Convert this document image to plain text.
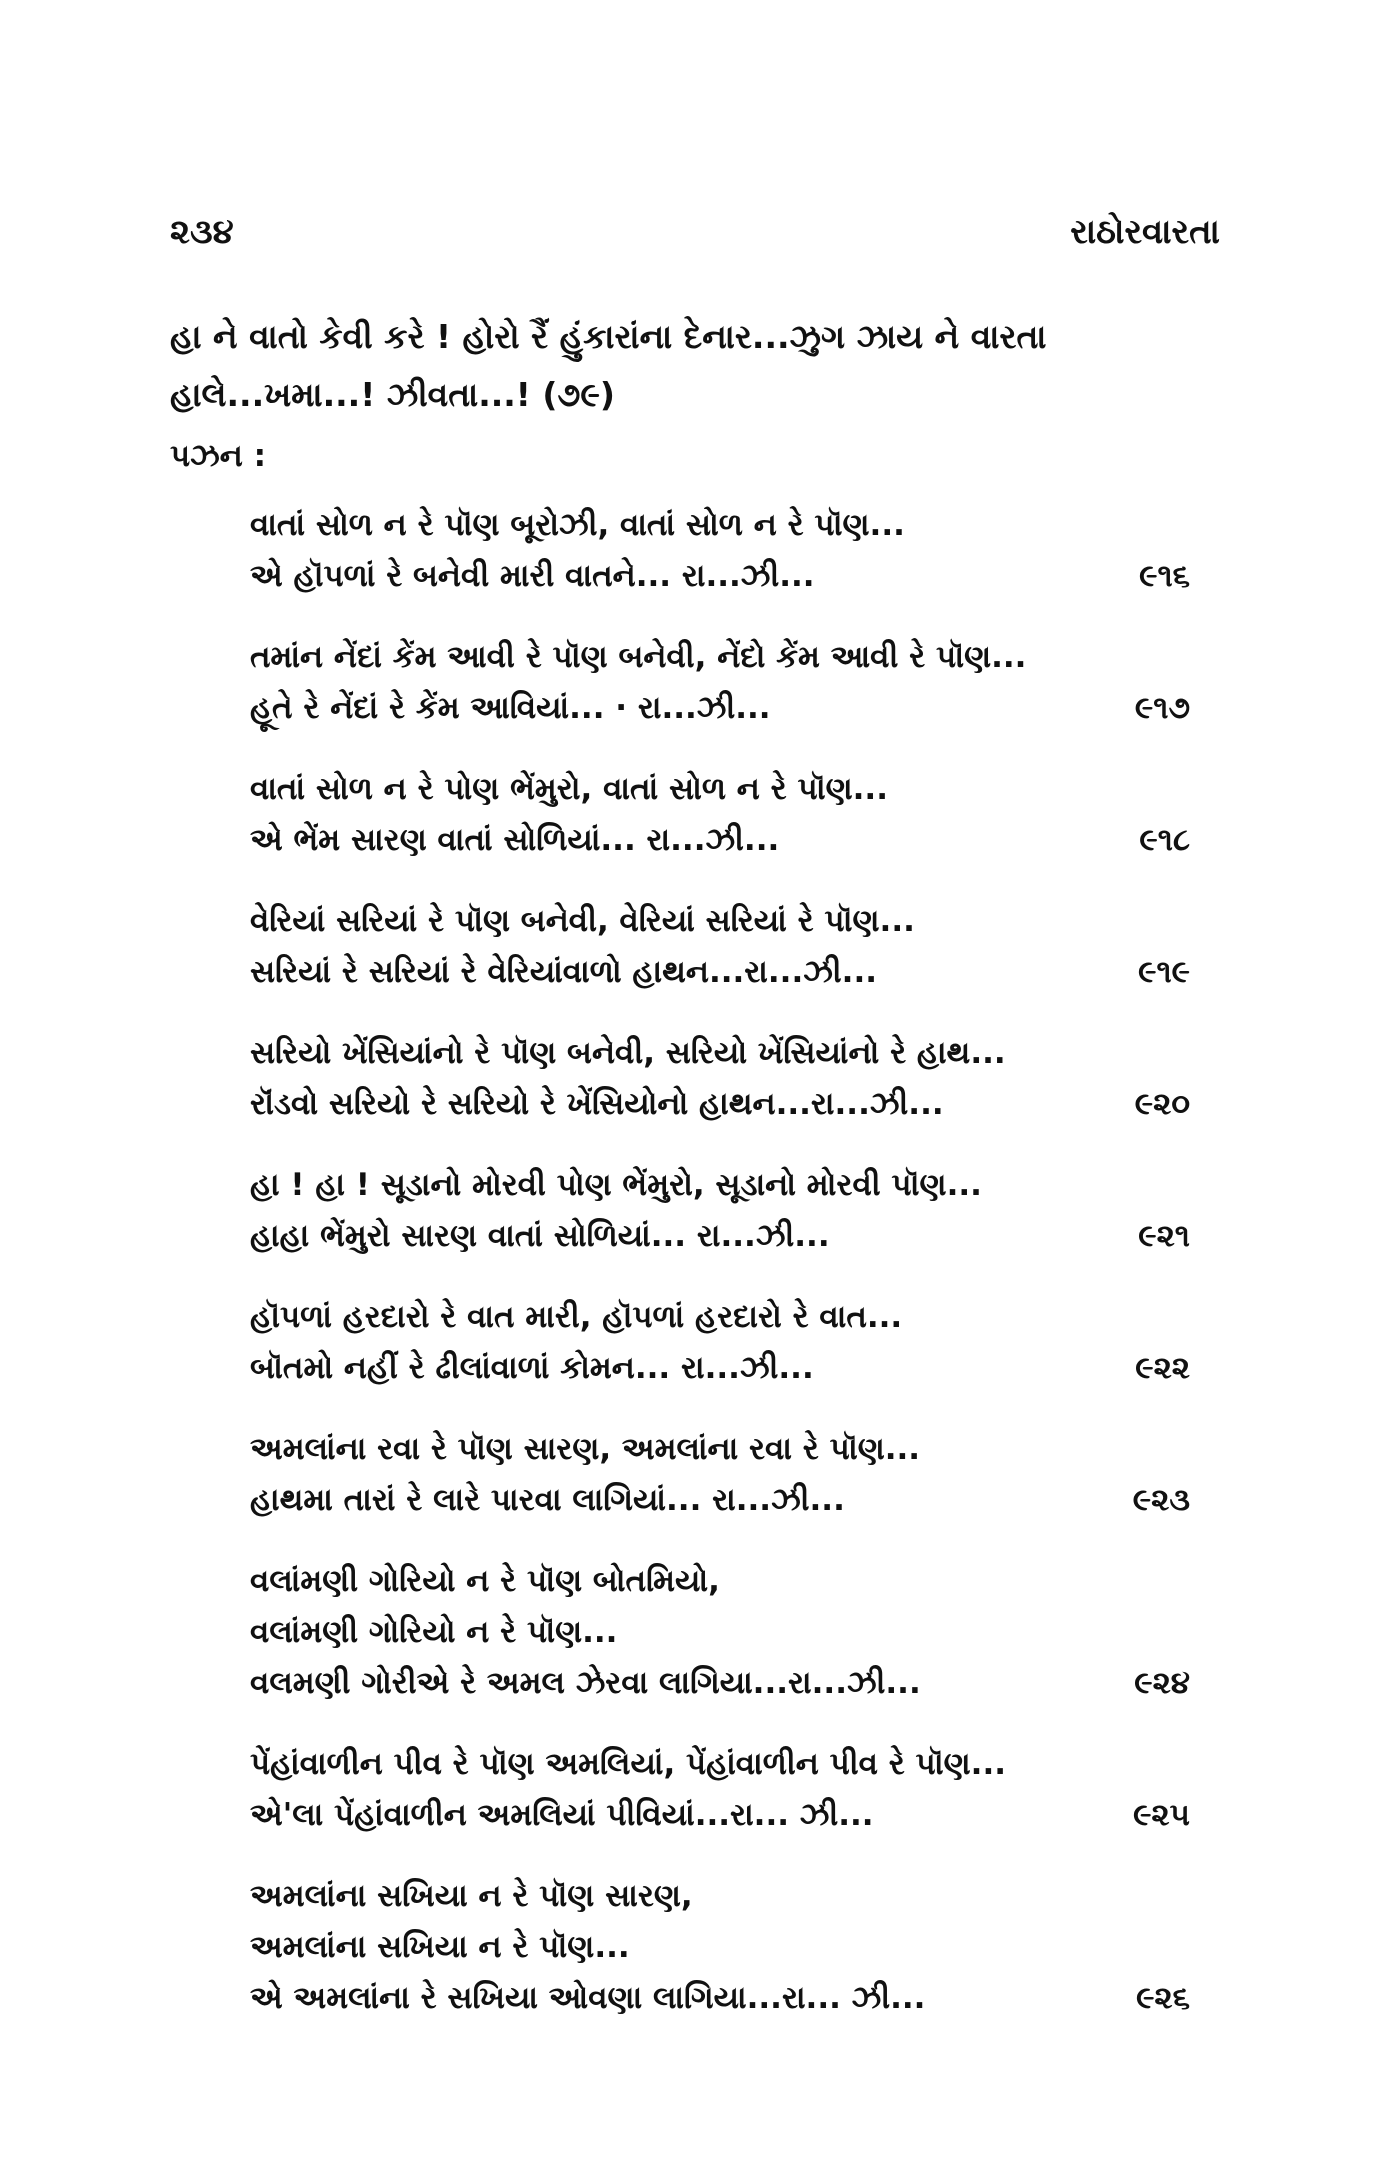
૨૩૪	રાઠોરવારતા
હા ને વાતો કેવી કરે ! હોરો રૈં હુંકારાંના દેનાર...ઝુગ ઝાય ને વારતા હાલે...ખમા...! ઝીવતા...! (૭૯)
પઝન :
વાતાં સોળ ન રે પૉણ બૂરોઝી, વાતાં સોળ ન રે પૉણ...
એ હૉપળાં રે બનેવી મારી વાતને... રા...ઝી...	૯૧૬
તમાંન નેંદાં કેંમ આવી રે પૉણ બનેવી, નેંદો કેંમ આવી રે પૉણ...
હૂતે રે નેંદાં રે કેંમ આવિયાં... · રા...ઝી...	૯૧૭
વાતાં સોળ ન રે પોણ ભેંમુરો, વાતાં સોળ ન રે પૉણ...
એ ભેંમ સારણ વાતાં સોળિયાં... રા...ઝી...	૯૧૮
વેરિયાં સરિયાં રે પૉણ બનેવી, વેરિયાં સરિયાં રે પૉણ...
સરિયાં રે સરિયાં રે વેરિયાંવાળો હાથન...રા...ઝી...	૯૧૯
સરિયો ખેંસિયાંનો રે પૉણ બનેવી, સરિયો ખેંસિયાંનો રે હાથ...
રૉંડવો સરિયો રે સરિયો રે ખેંસિયોનો હાથન...રા...ઝી...	૯૨૦
હા ! હા ! સૂડાનો મોરવી પોણ ભેંમુરો, સૂડાનો મોરવી પૉણ...
હાહા ભેંમુરો સારણ વાતાં સોળિયાં... રા...ઝી...	૯૨૧
હૉપળાં હરદારો રે વાત મારી, હૉપળાં હરદારો રે વાત...
બૉતમો નહીં રે ઢીલાંવાળાં કોમન... રા...ઝી...	૯૨૨
અમલાંના રવા રે પૉણ સારણ, અમલાંના રવા રે પૉણ...
હાથમા તારાં રે લારે પારવા લાગિયાં... રા...ઝી...	૯૨૩
વલાંમણી ગોરિયો ન રે પૉણ બોતમિયો,
વલાંમણી ગોરિયો ન રે પૉણ...
વલમણી ગોરીએ રે અમલ ઝેરવા લાગિયા...રા...ઝી...	૯૨૪
પેંહાંવાળીન પીવ રે પૉણ અમલિયાં, પેંહાંવાળીન પીવ રે પૉણ...
એ'લા પેંહાંવાળીન અમલિયાં પીવિયાં...રા... ઝી...	૯૨૫
અમલાંના સખિયા ન રે પૉણ સારણ,
અમલાંના સખિયા ન રે પૉણ...
એ અમલાંના રે સખિયા ઓવણા લાગિયા...રા... ઝી...	૯૨૬
